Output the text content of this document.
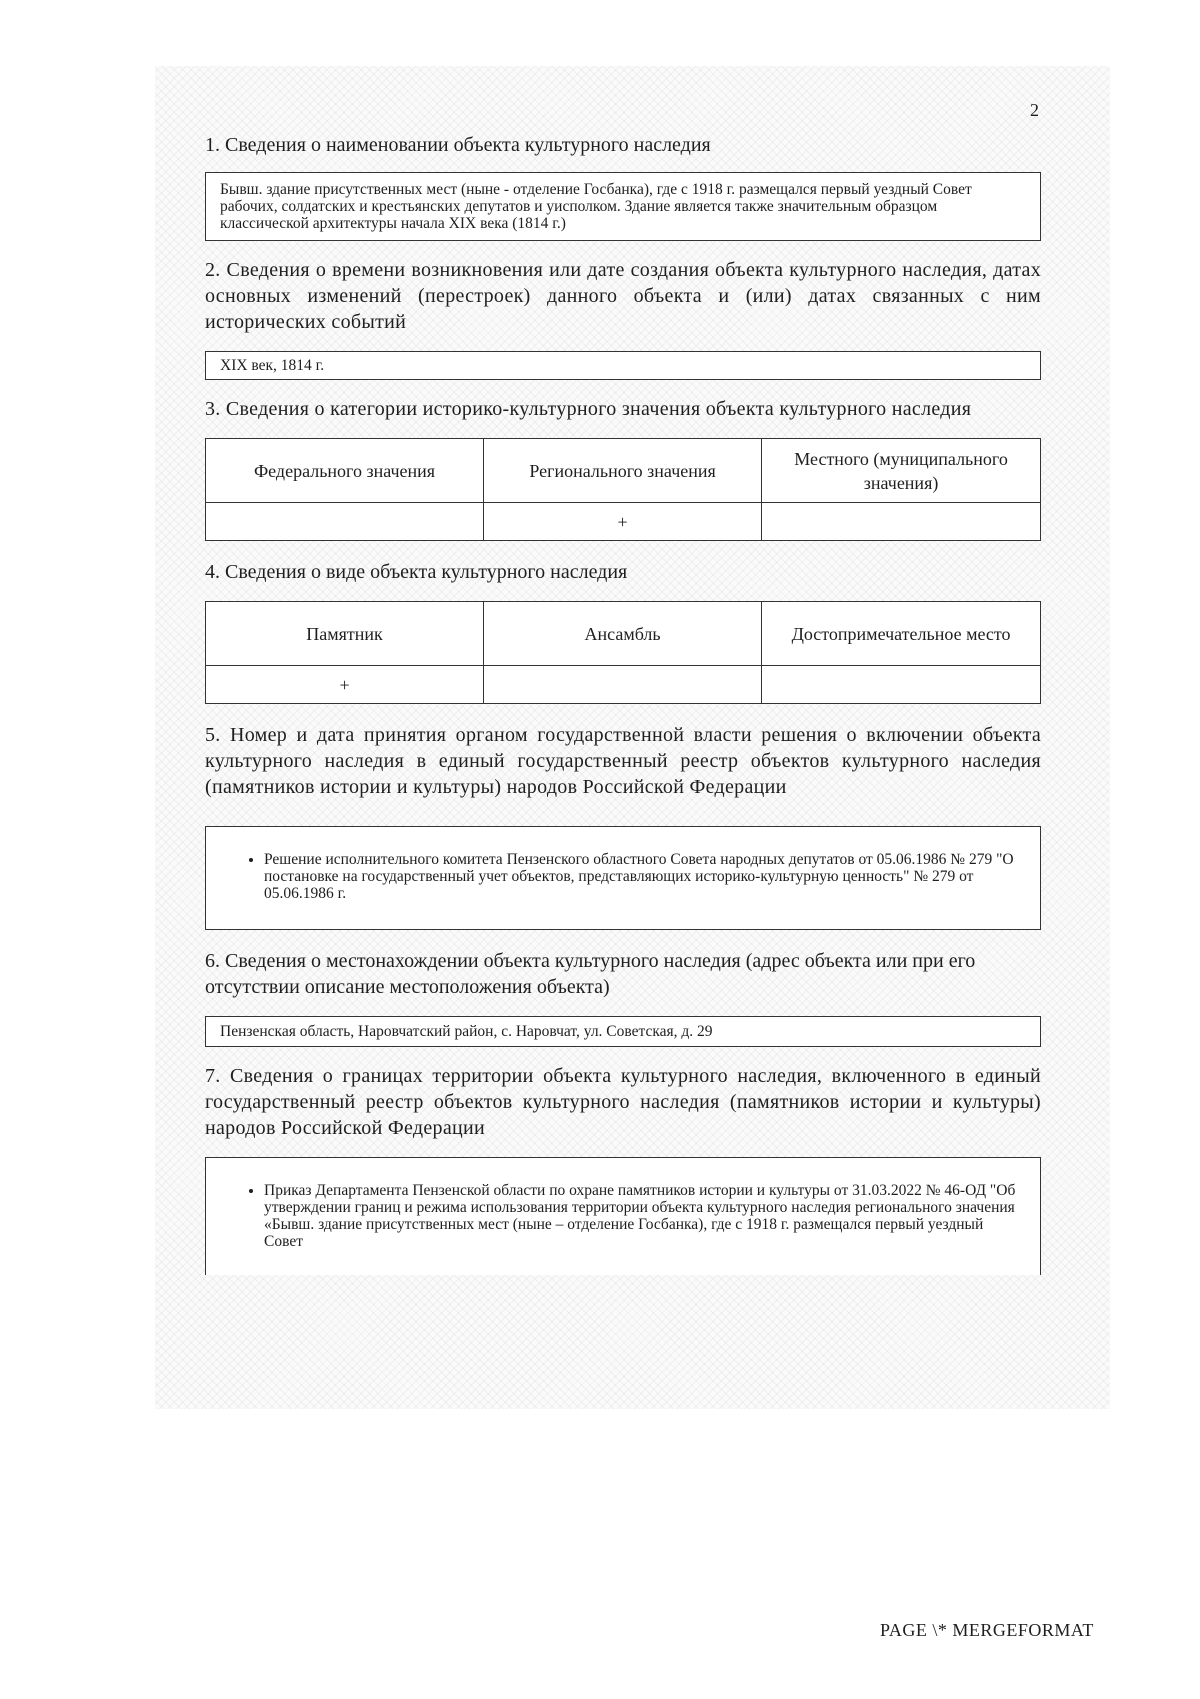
2

1. Сведения о наименовании объекта культурного наследия

Бывш. здание присутственных мест (ныне - отделение Госбанка), где с 1918 г. размещался первый уездный Совет рабочих, солдатских и крестьянских депутатов и уисполком. Здание является также значительным образцом классической архитектуры начала XIX века (1814 г.)

2. Сведения о времени возникновения или дате создания объекта культурного наследия, датах основных изменений (перестроек) данного объекта и (или) датах связанных с ним исторических событий

XIX век, 1814 г.

3. Сведения о категории историко-культурного значения объекта культурного наследия

Федерального значения	Регионального значения	Местного (муниципального значения)
	+	

4. Сведения о виде объекта культурного наследия

Памятник	Ансамбль	Достопримечательное место
+		

5. Номер и дата принятия органом государственной власти решения о включении объекта культурного наследия в единый государственный реестр объектов культурного наследия (памятников истории и культуры) народов Российской Федерации

• Решение исполнительного комитета Пензенского областного Совета народных депутатов от 05.06.1986 № 279 "О постановке на государственный учет объектов, представляющих историко-культурную ценность" № 279 от 05.06.1986 г.

6. Сведения о местонахождении объекта культурного наследия (адрес объекта или при его отсутствии описание местоположения объекта)

Пензенская область, Наровчатский район, с. Наровчат, ул. Советская, д. 29

7. Сведения о границах территории объекта культурного наследия, включенного в единый государственный реестр объектов культурного наследия (памятников истории и культуры) народов Российской Федерации

• Приказ Департамента Пензенской области по охране памятников истории и культуры от 31.03.2022 № 46-ОД "Об утверждении границ и режима использования территории объекта культурного наследия регионального значения «Бывш. здание присутственных мест (ныне – отделение Госбанка), где с 1918 г. размещался первый уездный Совет
PAGE \* MERGEFORMAT
